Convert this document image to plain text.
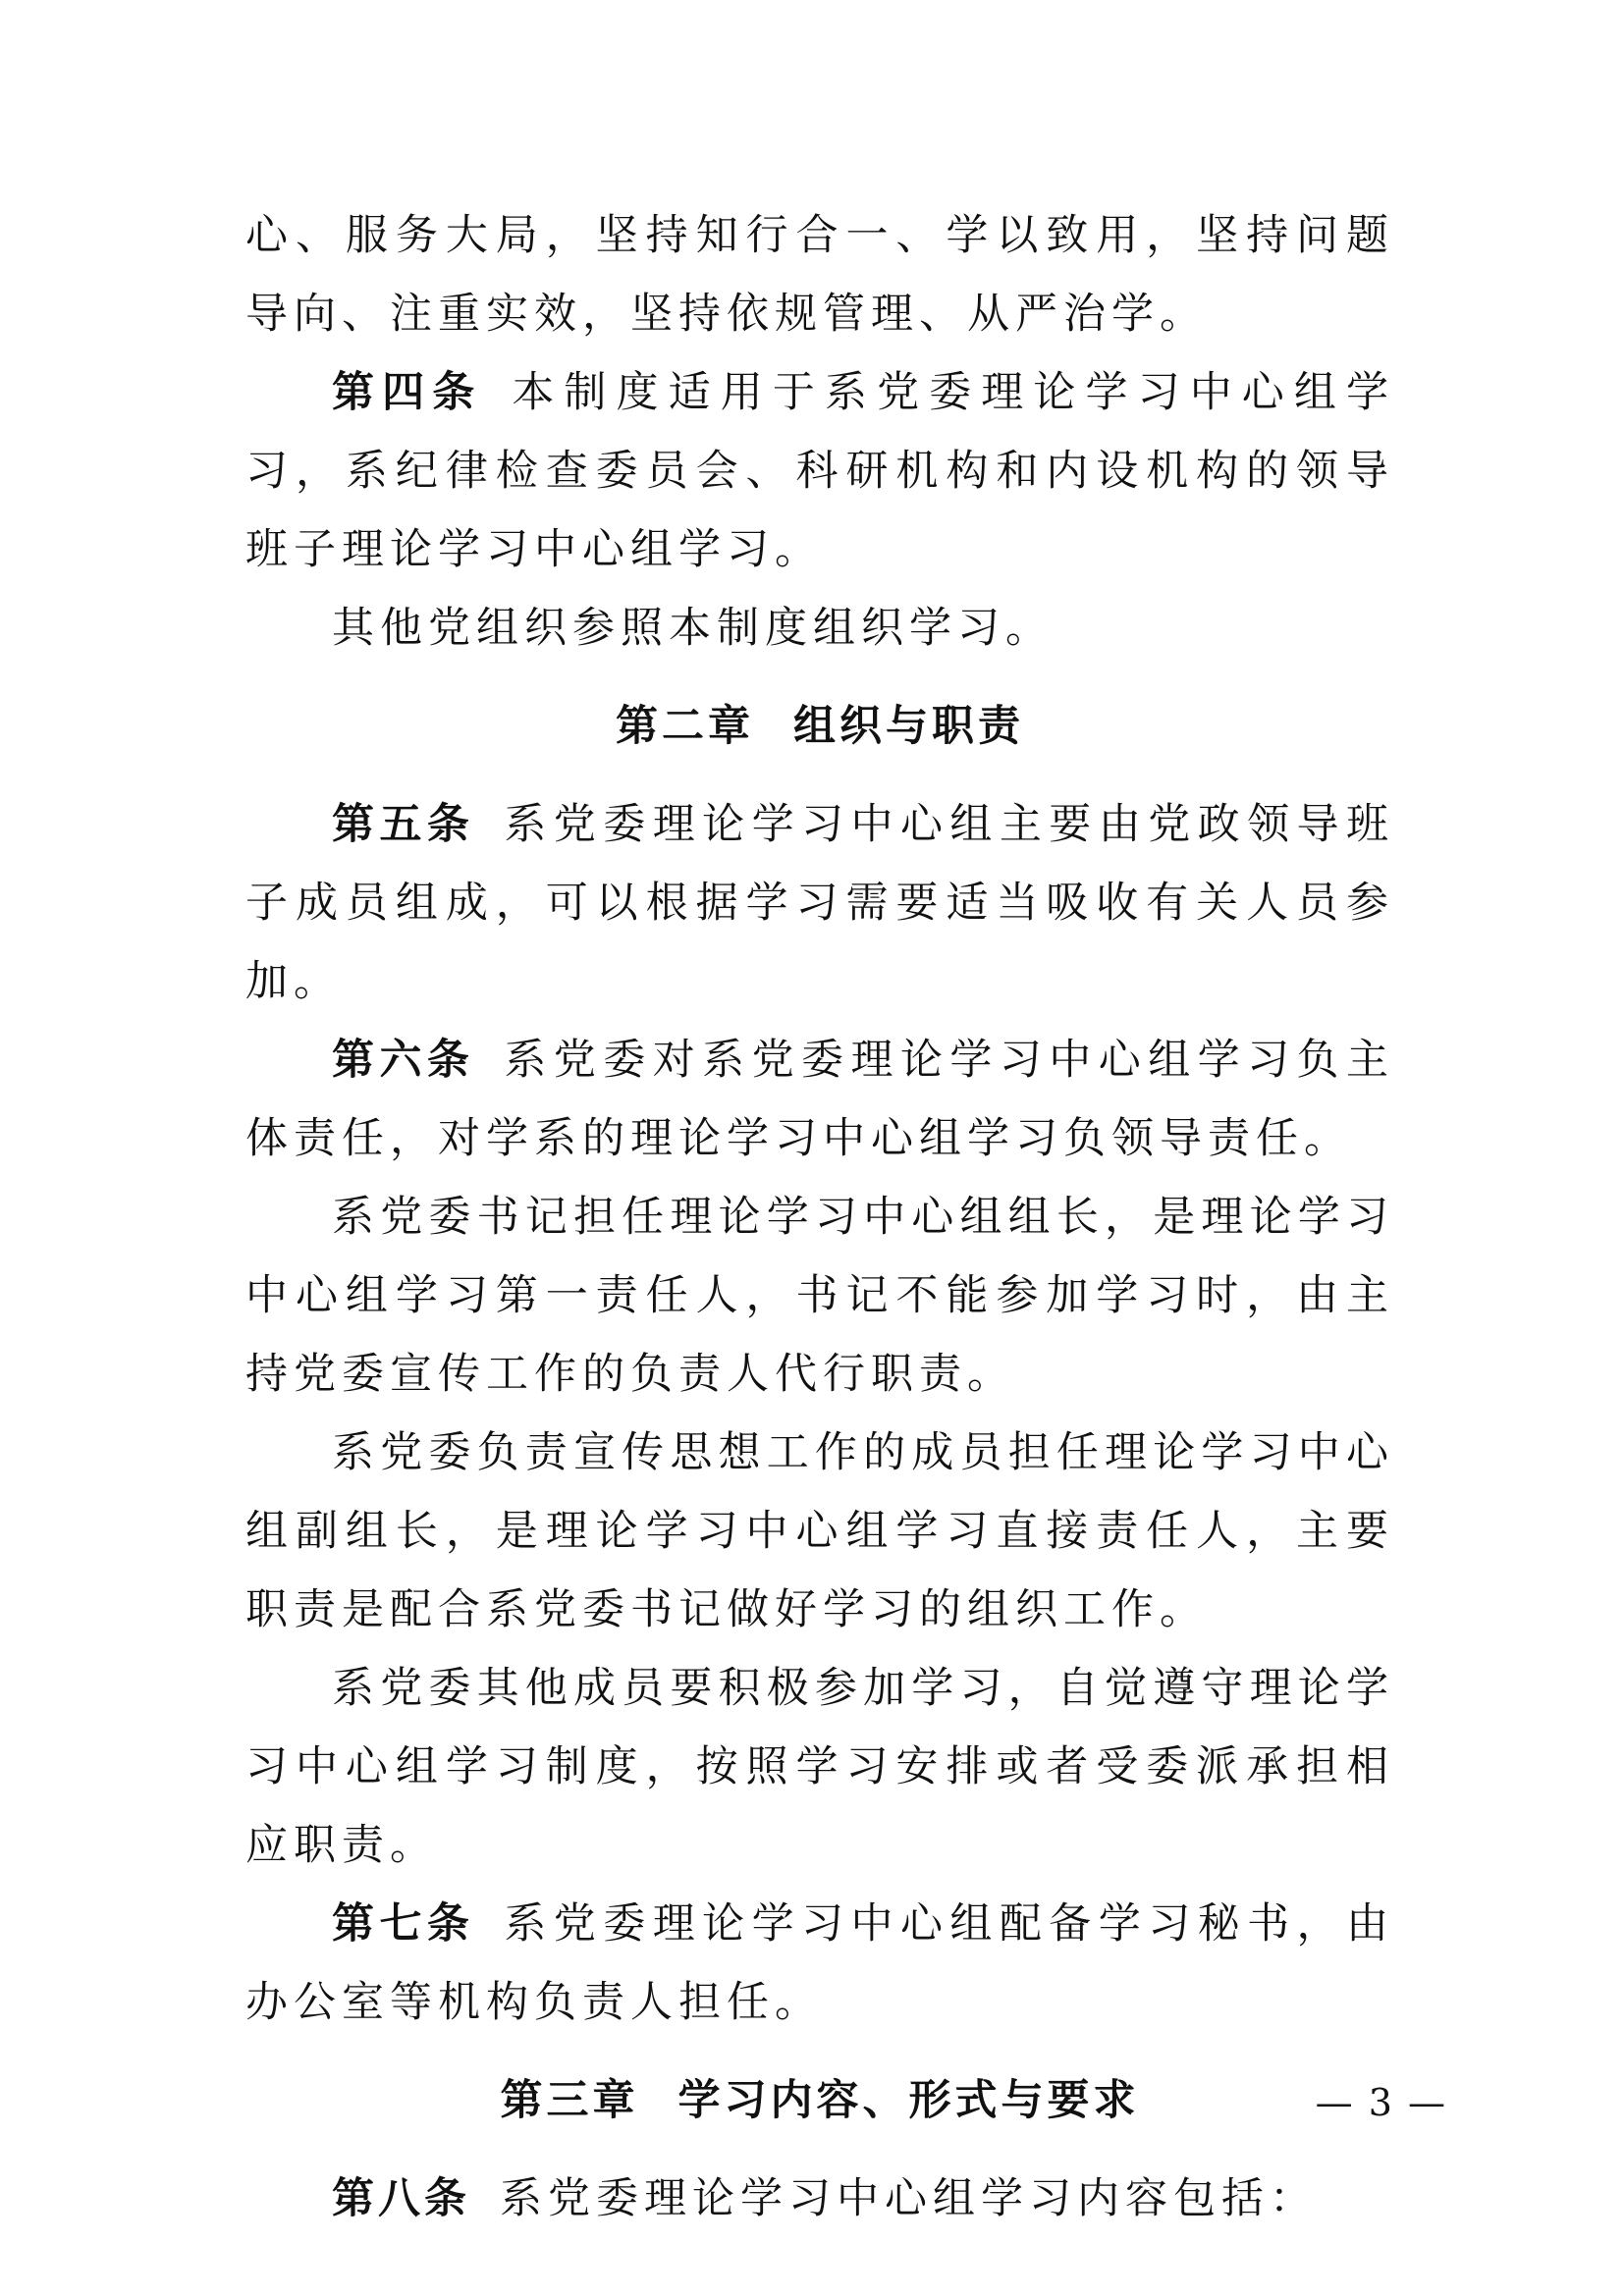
心、服务大局，坚持知行合一、学以致用，坚持问题导向、注重实效，坚持依规管理、从严治学。

第四条 本制度适用于系党委理论学习中心组学习，系纪律检查委员会、科研机构和内设机构的领导班子理论学习中心组学习。

其他党组织参照本制度组织学习。

第二章 组织与职责

第五条 系党委理论学习中心组主要由党政领导班子成员组成，可以根据学习需要适当吸收有关人员参加。

第六条 系党委对系党委理论学习中心组学习负主体责任，对学系的理论学习中心组学习负领导责任。

系党委书记担任理论学习中心组组长，是理论学习中心组学习第一责任人，书记不能参加学习时，由主持党委宣传工作的负责人代行职责。

系党委负责宣传思想工作的成员担任理论学习中心组副组长，是理论学习中心组学习直接责任人，主要职责是配合系党委书记做好学习的组织工作。

系党委其他成员要积极参加学习，自觉遵守理论学习中心组学习制度，按照学习安排或者受委派承担相应职责。

第七条 系党委理论学习中心组配备学习秘书，由办公室等机构负责人担任。

第三章 学习内容、形式与要求

第八条 系党委理论学习中心组学习内容包括：

— 3 —
